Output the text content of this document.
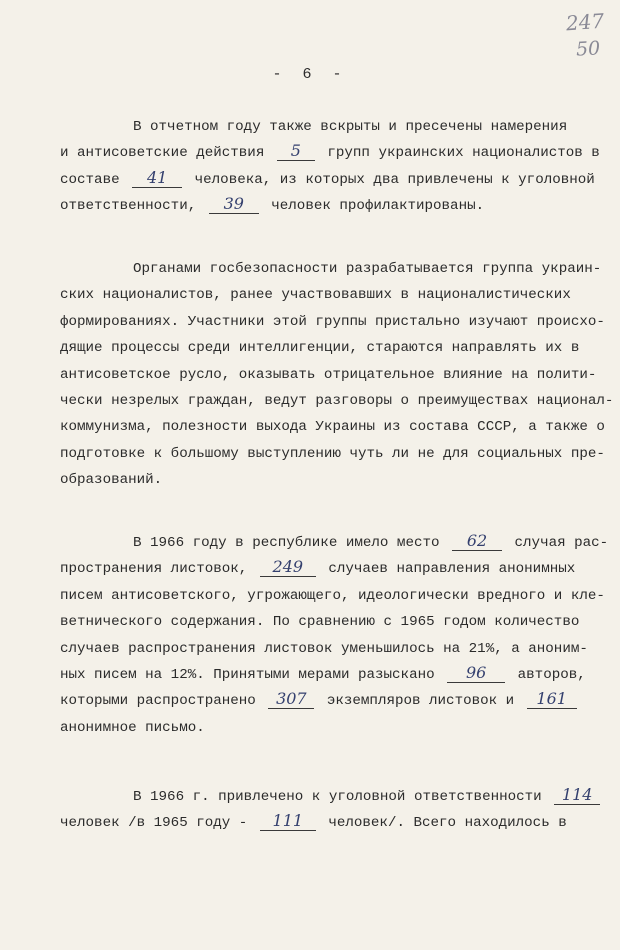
247
50
- 6 -
В отчетном году также вскрыты и пресечены намерения
и антисоветские действия 5 групп украинских националистов в
составе 41 человека, из которых два привлечены к уголовной
ответственности, 39 человек профилактированы.
Органами госбезопасности разрабатывается группа украин-
ских националистов, ранее участвовавших в националистических
формированиях. Участники этой группы пристально изучают происхо-
дящие процессы среди интеллигенции, стараются направлять их в
антисоветское русло, оказывать отрицательное влияние на полити-
чески незрелых граждан, ведут разговоры о преимуществах национал-
коммунизма, полезности выхода Украины из состава СССР, а также о
подготовке к большому выступлению чуть ли не для социальных пре-
образований.
В 1966 году в республике имело место 62 случая рас-
пространения листовок, 249 случаев направления анонимных
писем антисоветского, угрожающего, идеологически вредного и кле-
ветнического содержания. По сравнению с 1965 годом количество
случаев распространения листовок уменьшилось на 21%, а аноним-
ных писем на 12%. Принятыми мерами разыскано 96 авторов,
которыми распространено 307 экземпляров листовок и 161
анонимное письмо.
В 1966 г. привлечено к уголовной ответственности 114
человек /в 1965 году - 111 человек/. Всего находилось в
